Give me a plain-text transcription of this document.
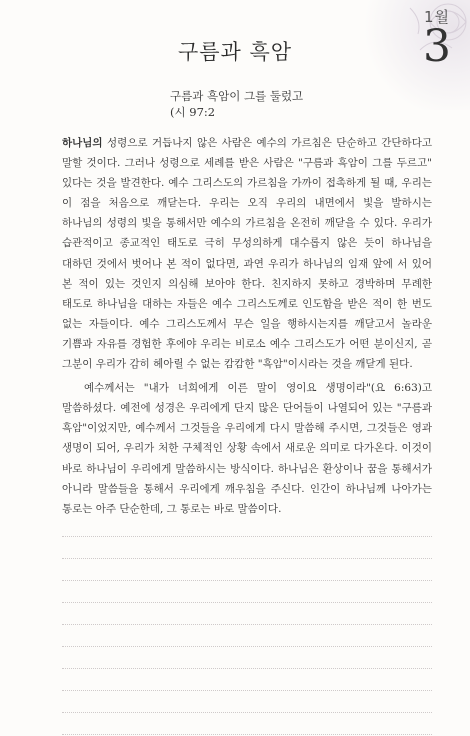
1월
3
구름과 흑암
구름과 흑암이 그를 둘렀고
(시 97:2

하나님의 성령으로 거듭나지 않은 사람은 예수의 가르침은 단순하고 간단하다고 말할 것이다. 그러나 성령으로 세례를 받은 사람은 "구름과 흑암이 그를 두르고" 있다는 것을 발견한다. 예수 그리스도의 가르침을 가까이 접촉하게 될 때, 우리는 이 점을 처음으로 깨닫는다. 우리는 오직 우리의 내면에서 빛을 발하시는 하나님의 성령의 빛을 통해서만 예수의 가르침을 온전히 깨닫을 수 있다. 우리가 습관적이고 종교적인 태도로 극히 무성의하게 대수롭지 않은 듯이 하나님을 대하던 것에서 벗어나 본 적이 없다면, 과연 우리가 하나님의 임재 앞에 서 있어 본 적이 있는 것인지 의심해 보아야 한다. 친지하지 못하고 경박하며 무례한 태도로 하나님을 대하는 자들은 예수 그리스도께로 인도함을 받은 적이 한 번도 없는 자들이다. 예수 그리스도께서 무슨 일을 행하시는지를 깨닫고서 놀라운 기쁨과 자유를 경험한 후에야 우리는 비로소 예수 그리스도가 어떤 분이신지, 곧 그분이 우리가 감히 헤아릴 수 없는 캄캄한 "흑암"이시라는 것을 깨닫게 된다.

예수께서는 "내가 너희에게 이른 말이 영이요 생명이라"(요 6:63)고 말씀하셨다. 예전에 성경은 우리에게 단지 많은 단어들이 나열되어 있는 "구름과 흑암"이었지만, 예수께서 그것들을 우리에게 다시 말씀해 주시면, 그것들은 영과 생명이 되어, 우리가 처한 구체적인 상황 속에서 새로운 의미로 다가온다. 이것이 바로 하나님이 우리에게 말씀하시는 방식이다. 하나님은 환상이나 꿈을 통해서가 아니라 말씀들을 통해서 우리에게 깨우침을 주신다. 인간이 하나님께 나아가는 통로는 아주 단순한데, 그 통로는 바로 말씀이다.
